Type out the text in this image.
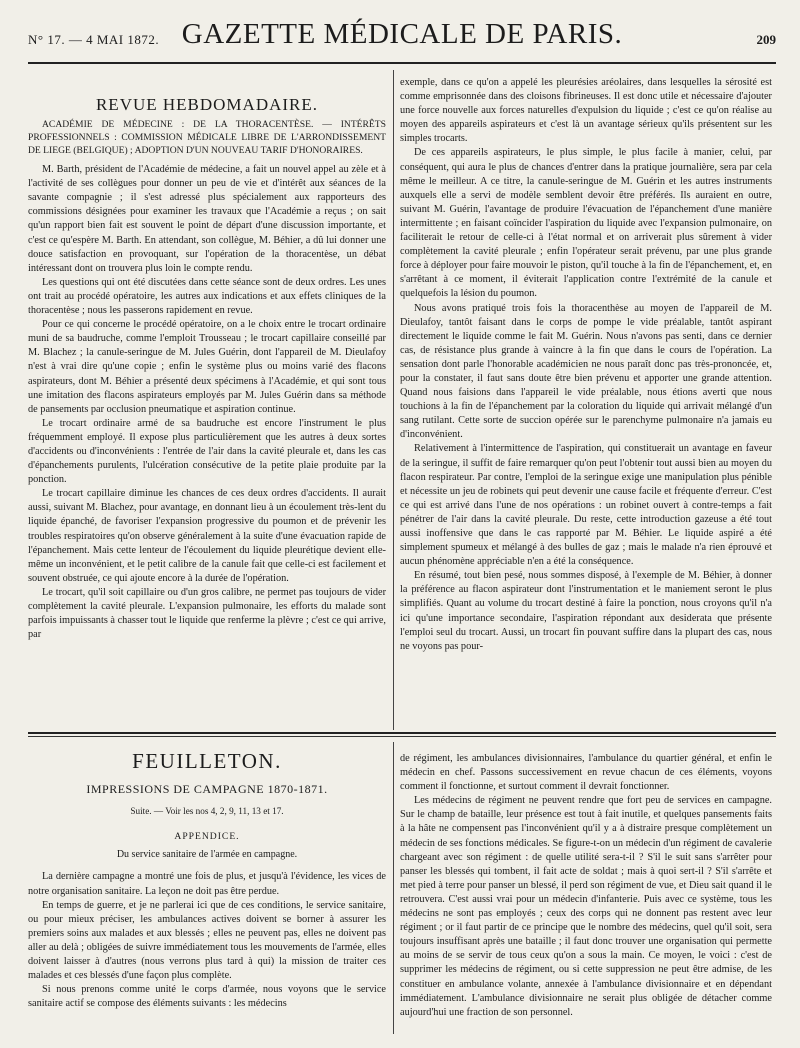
N° 17. — 4 MAI 1872. GAZETTE MÉDICALE DE PARIS.	209
REVUE HEBDOMADAIRE.
ACADÉMIE DE MÉDECINE : DE LA THORACENTÈSE. — INTÉRÊTS PROFESSIONNELS : COMMISSION MÉDICALE LIBRE DE L'ARRONDISSEMENT DE LIEGE (BELGIQUE) ; ADOPTION D'UN NOUVEAU TARIF D'HONORAIRES.

M. Barth, président de l'Académie de médecine, a fait un nouvel appel au zèle et à l'activité de ses collègues pour donner un peu de vie et d'intérêt aux séances de la savante compagnie ; il s'est adressé plus spécialement aux rapporteurs des commissions désignées pour examiner les travaux que l'Académie a reçus ; on sait qu'un rapport bien fait est souvent le point de départ d'une discussion importante, et c'est ce qu'espère M. Barth. En attendant, son collègue, M. Béhier, a dû lui donner une douce satisfaction en provoquant, sur l'opération de la thoracentèse, un débat intéressant dont on trouvera plus loin le compte rendu.

Les questions qui ont été discutées dans cette séance sont de deux ordres. Les unes ont trait au procédé opératoire, les autres aux indications et aux effets cliniques de la thoracentèse ; nous les passerons rapidement en revue.

Pour ce qui concerne le procédé opératoire, on a le choix entre le trocart ordinaire muni de sa baudruche, comme l'emploit Trousseau ; le trocart capillaire conseillé par M. Blachez ; la canule-seringue de M. Jules Guérin, dont l'appareil de M. Dieulafoy n'est à vrai dire qu'une copie ; enfin le système plus ou moins varié des flacons aspirateurs, dont M. Béhier a présenté deux spécimens à l'Académie, et qui sont tous une imitation des flacons aspirateurs employés par M. Jules Guérin dans sa méthode de pansements par occlusion pneumatique et aspiration continue.

Le trocart ordinaire armé de sa baudruche est encore l'instrument le plus fréquemment employé. Il expose plus particulièrement que les autres à deux sortes d'accidents ou d'inconvénients : l'entrée de l'air dans la cavité pleurale et, dans les cas d'épanchements purulents, l'ulcération consécutive de la petite plaie produite par la ponction.

Le trocart capillaire diminue les chances de ces deux ordres d'accidents. Il aurait aussi, suivant M. Blachez, pour avantage, en donnant lieu à un écoulement très-lent du liquide épanché, de favoriser l'expansion progressive du poumon et de prévenir les troubles respiratoires qu'on observe généralement à la suite d'une évacuation rapide de l'épanchement. Mais cette lenteur de l'écoulement du liquide pleurétique devient elle-même un inconvénient, et le petit calibre de la canule fait que celle-ci est facilement et souvent obstruée, ce qui ajoute encore à la durée de l'opération.

Le trocart, qu'il soit capillaire ou d'un gros calibre, ne permet pas toujours de vider complètement la cavité pleurale. L'expansion pulmonaire, les efforts du malade sont parfois impuissants à chasser tout le liquide que renferme la plèvre ; c'est ce qui arrive, par

exemple, dans ce qu'on a appelé les pleurésies aréolaires, dans lesquelles la sérosité est comme emprisonnée dans des cloisons fibrineuses. Il est donc utile et nécessaire d'ajouter une force nouvelle aux forces naturelles d'expulsion du liquide ; c'est ce qu'on réalise au moyen des appareils aspirateurs et c'est là un avantage sérieux qu'ils présentent sur les simples trocarts.

De ces appareils aspirateurs, le plus simple, le plus facile à manier, celui, par conséquent, qui aura le plus de chances d'entrer dans la pratique journalière, sera par cela même le meilleur. A ce titre, la canule-seringue de M. Guérin et les autres instruments auxquels elle a servi de modèle semblent devoir être préférés. Ils auraient en outre, suivant M. Guérin, l'avantage de produire l'évacuation de l'épanchement d'une manière intermittente ; en faisant coïncider l'aspiration du liquide avec l'expansion pulmonaire, on faciliterait le retour de celle-ci à l'état normal et on arriverait plus sûrement à vider complètement la cavité pleurale ; enfin l'opérateur serait prévenu, par une plus grande force à déployer pour faire mouvoir le piston, qu'il touche à la fin de l'épanchement, et, en s'arrêtant à ce moment, il éviterait l'application contre l'extrémité de la canule et quelquefois la lésion du poumon.

Nous avons pratiqué trois fois la thoracenthèse au moyen de l'appareil de M. Dieulafoy, tantôt faisant dans le corps de pompe le vide préalable, tantôt aspirant directement le liquide comme le fait M. Guérin. Nous n'avons pas senti, dans ce dernier cas, de résistance plus grande à vaincre à la fin que dans le cours de l'opération. La sensation dont parle l'honorable académicien ne nous paraît donc pas très-prononcée, et, pour la constater, il faut sans doute être bien prévenu et apporter une grande attention. Quand nous faisions dans l'appareil le vide préalable, nous étions averti que nous touchions à la fin de l'épanchement par la coloration du liquide qui arrivait mélangé d'un sang rutilant. Cette sorte de succion opérée sur le parenchyme pulmonaire n'a jamais eu d'inconvénient.

Relativement à l'intermittence de l'aspiration, qui constituerait un avantage en faveur de la seringue, il suffit de faire remarquer qu'on peut l'obtenir tout aussi bien au moyen du flacon respirateur. Par contre, l'emploi de la seringue exige une manipulation plus pénible et nécessite un jeu de robinets qui peut devenir une cause facile et fréquente d'erreur. C'est ce qui est arrivé dans l'une de nos opérations : un robinet ouvert à contre-temps a fait pénétrer de l'air dans la cavité pleurale. Du reste, cette introduction gazeuse a été tout aussi inoffensive que dans le cas rapporté par M. Béhier. Le liquide aspiré a été simplement spumeux et mélangé à des bulles de gaz ; mais le malade n'a rien éprouvé et aucun phénomène appréciable n'en a été la conséquence.

En résumé, tout bien pesé, nous sommes disposé, à l'exemple de M. Béhier, à donner la préférence au flacon aspirateur dont l'instrumentation et le maniement seront le plus simplifiés. Quant au volume du trocart destiné à faire la ponction, nous croyons qu'il n'a ici qu'une importance secondaire, l'aspiration répondant aux desiderata que présente l'emploi seul du trocart. Aussi, un trocart fin pouvant suffire dans la plupart des cas, nous ne voyons pas pour-

FEUILLETON.
IMPRESSIONS DE CAMPAGNE 1870-1871.
Suite. — Voir les nos 4, 2, 9, 11, 13 et 17.
APPENDICE.
Du service sanitaire de l'armée en campagne.

La dernière campagne a montré une fois de plus, et jusqu'à l'évidence, les vices de notre organisation sanitaire. La leçon ne doit pas être perdue.

En temps de guerre, et je ne parlerai ici que de ces conditions, le service sanitaire, ou pour mieux préciser, les ambulances actives doivent se borner à assurer les premiers soins aux malades et aux blessés ; elles ne peuvent pas, elles ne doivent pas aller au delà ; obligées de suivre immédiatement tous les mouvements de l'armée, elles doivent laisser à d'autres (nous verrons plus tard à qui) la mission de traiter ces malades et ces blessés d'une façon plus complète.

Si nous prenons comme unité le corps d'armée, nous voyons que le service sanitaire actif se compose des éléments suivants : les médecins

de régiment, les ambulances divisionnaires, l'ambulance du quartier général, et enfin le médecin en chef. Passons successivement en revue chacun de ces éléments, voyons comment il fonctionne, et surtout comment il devrait fonctionner.

Les médecins de régiment ne peuvent rendre que fort peu de services en campagne. Sur le champ de bataille, leur présence est tout à fait inutile, et quelques pansements faits à la hâte ne compensent pas l'inconvénient qu'il y a à distraire presque complètement un médecin de ses fonctions médicales. Se figure-t-on un médecin d'un régiment de cavalerie chargeant avec son régiment : de quelle utilité sera-t-il ? S'il le suit sans s'arrêter pour panser les blessés qui tombent, il fait acte de soldat ; mais à quoi sert-il ? S'il s'arrête et met pied à terre pour panser un blessé, il perd son régiment de vue, et Dieu sait quand il le retrouvera. C'est aussi vrai pour un médecin d'infanterie. Puis avec ce système, tous les médecins ne sont pas employés ; ceux des corps qui ne donnent pas restent avec leur régiment ; or il faut partir de ce principe que le nombre des médecins, quel qu'il soit, sera toujours insuffisant après une bataille ; il faut donc trouver une organisation qui permette au moins de se servir de tous ceux qu'on a sous la main. Ce moyen, le voici : c'est de supprimer les médecins de régiment, ou si cette suppression ne peut être admise, de les constituer en ambulance volante, annexée à l'ambulance divisionnaire et en dépendant immédiatement. L'ambulance divisionnaire ne serait plus obligée de détacher comme aujourd'hui une fraction de son personnel.
